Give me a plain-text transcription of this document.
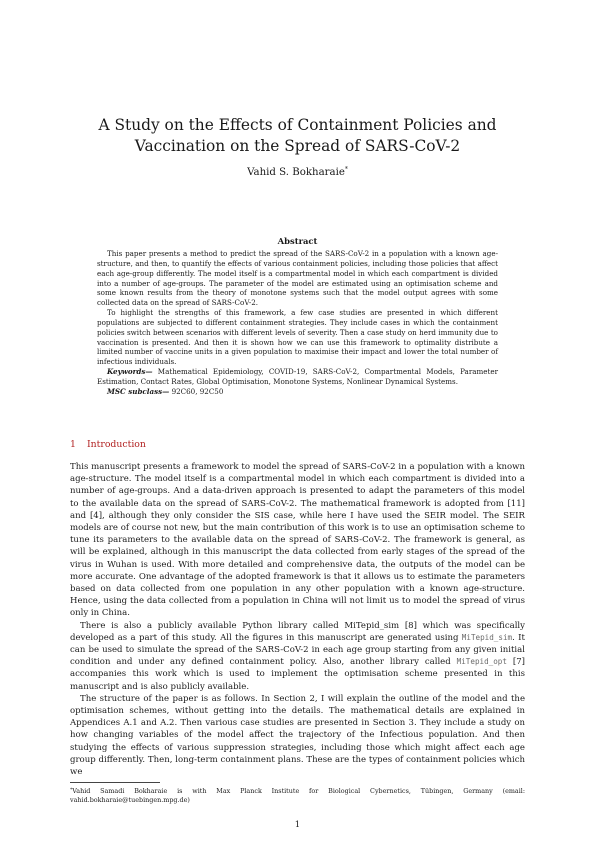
A Study on the Effects of Containment Policies and Vaccination on the Spread of SARS-CoV-2
Vahid S. Bokharaie*
Abstract

This paper presents a method to predict the spread of the SARS-CoV-2 in a population with a known age-structure, and then, to quantify the effects of various containment policies, including those policies that affect each age-group differently. The model itself is a compartmental model in which each compartment is divided into a number of age-groups. The parameter of the model are estimated using an optimisation scheme and some known results from the theory of monotone systems such that the model output agrees with some collected data on the spread of SARS-CoV-2.

To highlight the strengths of this framework, a few case studies are presented in which different populations are subjected to different containment strategies. They include cases in which the containment policies switch between scenarios with different levels of severity. Then a case study on herd immunity due to vaccination is presented. And then it is shown how we can use this framework to optimality distribute a limited number of vaccine units in a given population to maximise their impact and lower the total number of infectious individuals.

Keywords— Mathematical Epidemiology, COVID-19, SARS-CoV-2, Compartmental Models, Parameter Estimation, Contact Rates, Global Optimisation, Monotone Systems, Nonlinear Dynamical Systems.

MSC subclass— 92C60, 92C50

1 Introduction

This manuscript presents a framework to model the spread of SARS-CoV-2 in a population with a known age-structure. The model itself is a compartmental model in which each compartment is divided into a number of age-groups. And a data-driven approach is presented to adapt the parameters of this model to the available data on the spread of SARS-CoV-2. The mathematical framework is adopted from [11] and [4], although they only consider the SIS case, while here I have used the SEIR model. The SEIR models are of course not new, but the main contribution of this work is to use an optimisation scheme to tune its parameters to the available data on the spread of SARS-CoV-2. The framework is general, as will be explained, although in this manuscript the data collected from early stages of the spread of the virus in Wuhan is used. With more detailed and comprehensive data, the outputs of the model can be more accurate. One advantage of the adopted framework is that it allows us to estimate the parameters based on data collected from one population in any other population with a known age-structure. Hence, using the data collected from a population in China will not limit us to model the spread of virus only in China.

There is also a publicly available Python library called MiTepid_sim [8] which was specifically developed as a part of this study. All the figures in this manuscript are generated using MiTepid_sim. It can be used to simulate the spread of the SARS-CoV-2 in each age group starting from any given initial condition and under any defined containment policy. Also, another library called MiTepid_opt [7] accompanies this work which is used to implement the optimisation scheme presented in this manuscript and is also publicly available.

The structure of the paper is as follows. In Section 2, I will explain the outline of the model and the optimisation schemes, without getting into the details. The mathematical details are explained in Appendices A.1 and A.2. Then various case studies are presented in Section 3. They include a study on how changing variables of the model affect the trajectory of the Infectious population. And then studying the effects of various suppression strategies, including those which might affect each age group differently. Then, long-term containment plans. These are the types of containment policies which we

*Vahid Samadi Bokharaie is with Max Planck Institute for Biological Cybernetics, Tübingen, Germany (email: vahid.bokharaie@tuebingen.mpg.de)
1
